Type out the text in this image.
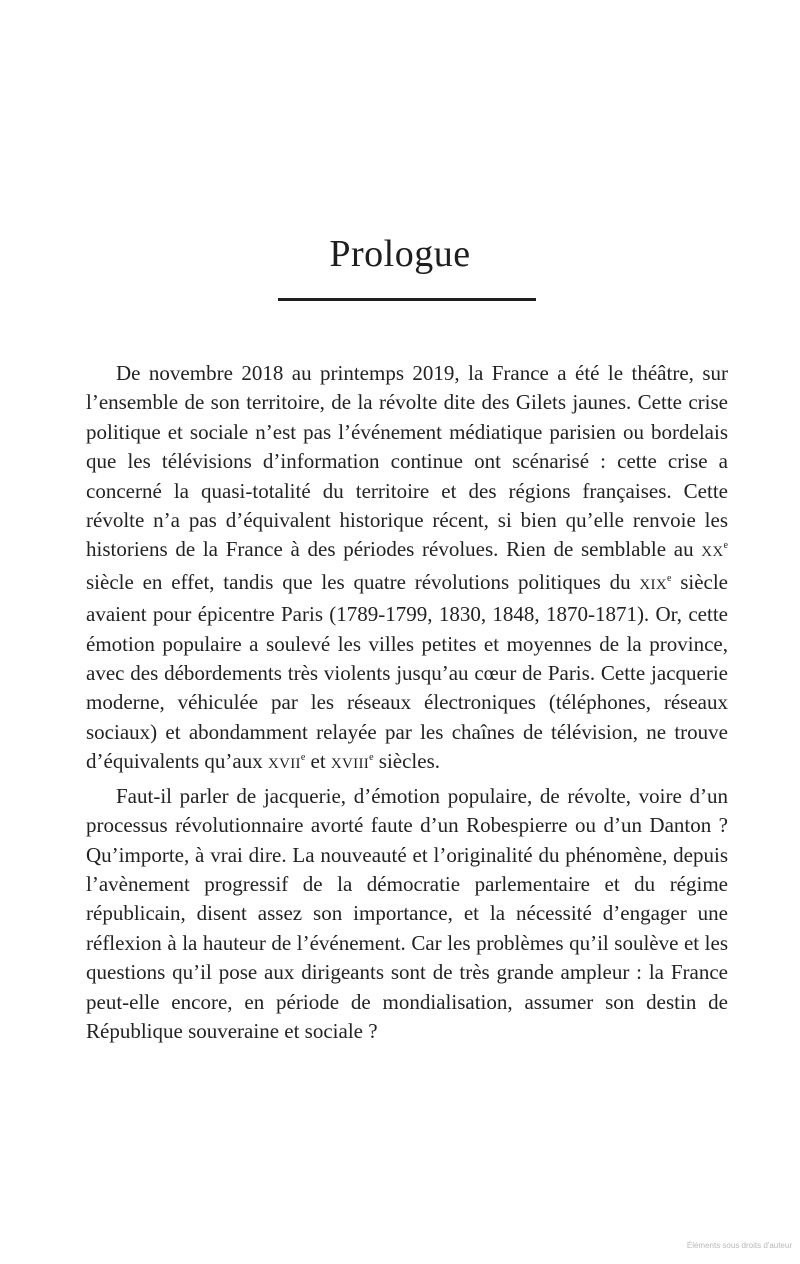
Prologue

De novembre 2018 au printemps 2019, la France a été le théâtre, sur l’ensemble de son territoire, de la révolte dite des Gilets jaunes. Cette crise politique et sociale n’est pas l’événement médiatique parisien ou bordelais que les télévisions d’information continue ont scénarisé : cette crise a concerné la quasi-totalité du territoire et des régions françaises. Cette révolte n’a pas d’équivalent historique récent, si bien qu’elle renvoie les historiens de la France à des périodes révolues. Rien de semblable au XXe siècle en effet, tandis que les quatre révolutions politiques du XIXe siècle avaient pour épicentre Paris (1789-1799, 1830, 1848, 1870-1871). Or, cette émotion populaire a soulevé les villes petites et moyennes de la province, avec des débordements très violents jusqu’au cœur de Paris. Cette jacquerie moderne, véhiculée par les réseaux électroniques (téléphones, réseaux sociaux) et abondamment relayée par les chaînes de télévision, ne trouve d’équivalents qu’aux XVIIe et XVIIIe siècles.

Faut-il parler de jacquerie, d’émotion populaire, de révolte, voire d’un processus révolutionnaire avorté faute d’un Robespierre ou d’un Danton ? Qu’importe, à vrai dire. La nouveauté et l’originalité du phénomène, depuis l’avènement progressif de la démocratie parlementaire et du régime républicain, disent assez son importance, et la nécessité d’engager une réflexion à la hauteur de l’événement. Car les problèmes qu’il soulève et les questions qu’il pose aux dirigeants sont de très grande ampleur : la France peut-elle encore, en période de mondialisation, assumer son destin de République souveraine et sociale ?

Éléments sous droits d'auteur
